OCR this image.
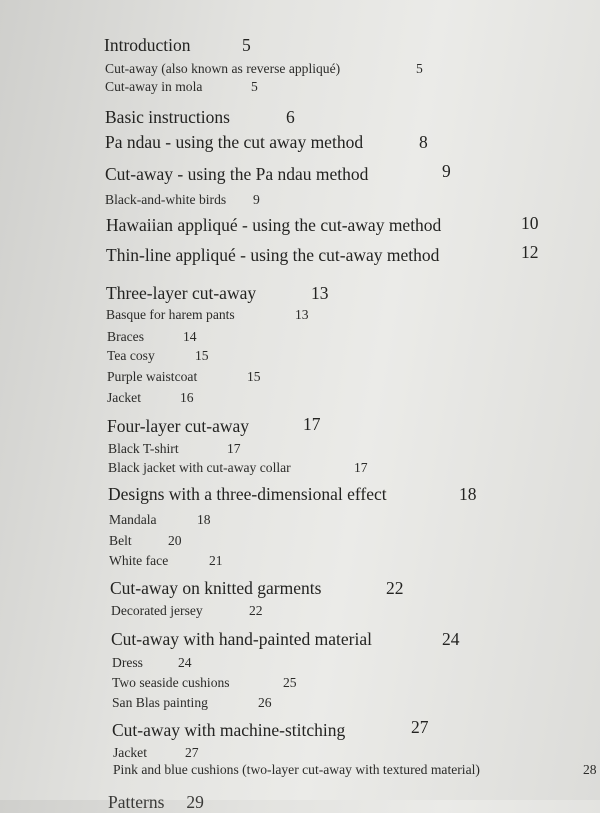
Introduction	5
Cut-away (also known as reverse appliqué)	5
Cut-away in mola	5
Basic instructions	6
Pa ndau - using the cut away method	8
Cut-away - using the Pa ndau method	9
Black-and-white birds 9
Hawaiian appliqué - using the cut-away method	10
Thin-line appliqué - using the cut-away method	12
Three-layer cut-away	13
Basque for harem pants	13
Braces	14
Tea cosy	15
Purple waistcoat	15
Jacket	16
Four-layer cut-away	17
Black T-shirt	17
Black jacket with cut-away collar	17
Designs with a three-dimensional effect	18
Mandala	18
Belt	20
White face	21
Cut-away on knitted garments	22
Decorated jersey	22
Cut-away with hand-painted material	24
Dress	24
Two seaside cushions	25
San Blas painting	26
Cut-away with machine-stitching	27
Jacket	27
Pink and blue cushions (two-layer cut-away with textured material)	28
Patterns 29
